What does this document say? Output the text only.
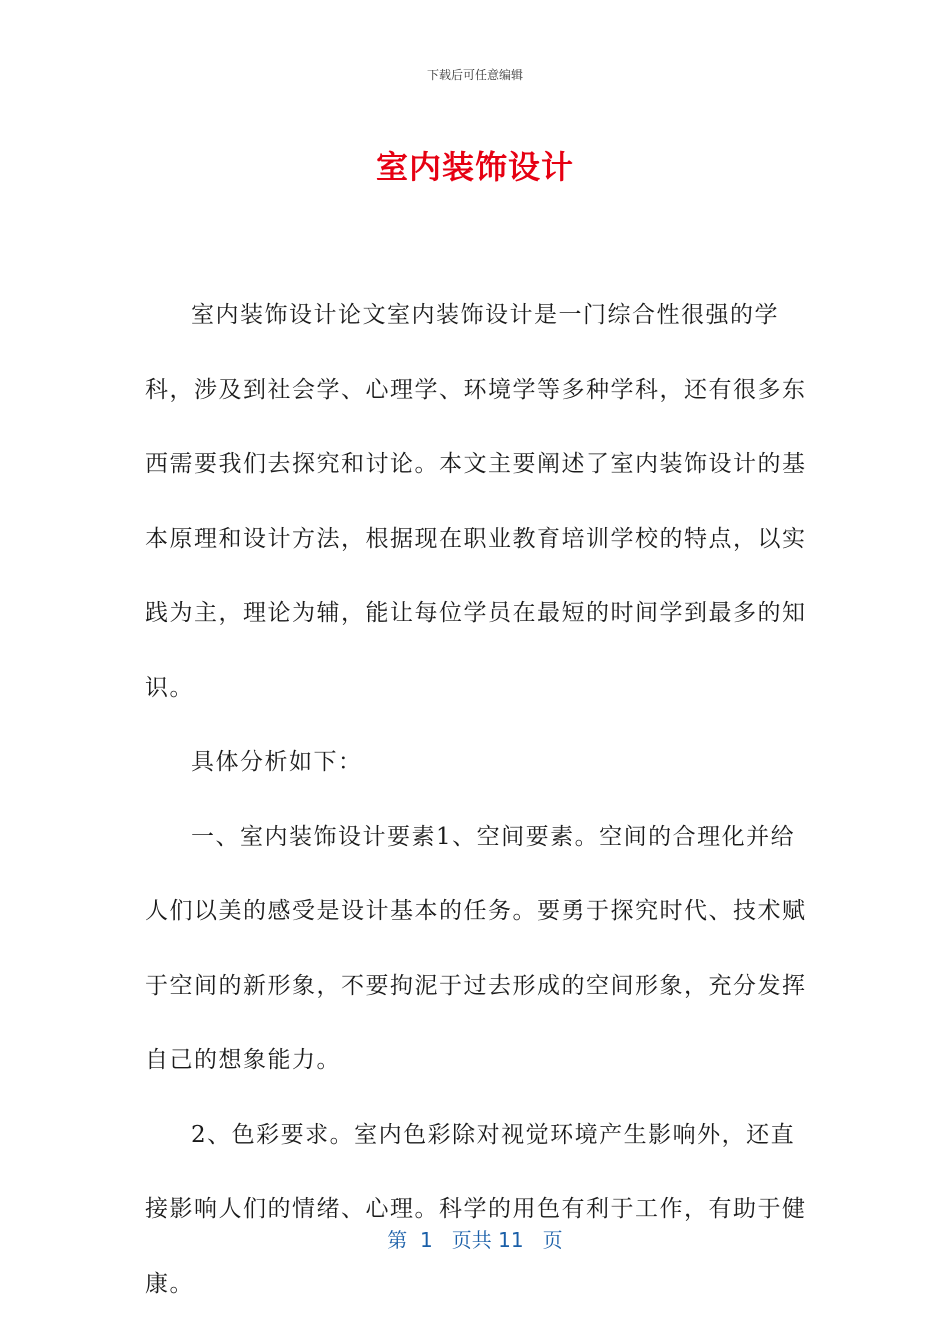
下载后可任意编辑
室内装饰设计

室内装饰设计论文室内装饰设计是一门综合性很强的学科，涉及到社会学、心理学、环境学等多种学科，还有很多东西需要我们去探究和讨论。本文主要阐述了室内装饰设计的基本原理和设计方法，根据现在职业教育培训学校的特点，以实践为主，理论为辅，能让每位学员在最短的时间学到最多的知识。

具体分析如下：

一、室内装饰设计要素1、空间要素。空间的合理化并给人们以美的感受是设计基本的任务。要勇于探究时代、技术赋于空间的新形象，不要拘泥于过去形成的空间形象，充分发挥自己的想象能力。

2、色彩要求。室内色彩除对视觉环境产生影响外，还直接影响人们的情绪、心理。科学的用色有利于工作，有助于健康。

第  1   页共 11   页
